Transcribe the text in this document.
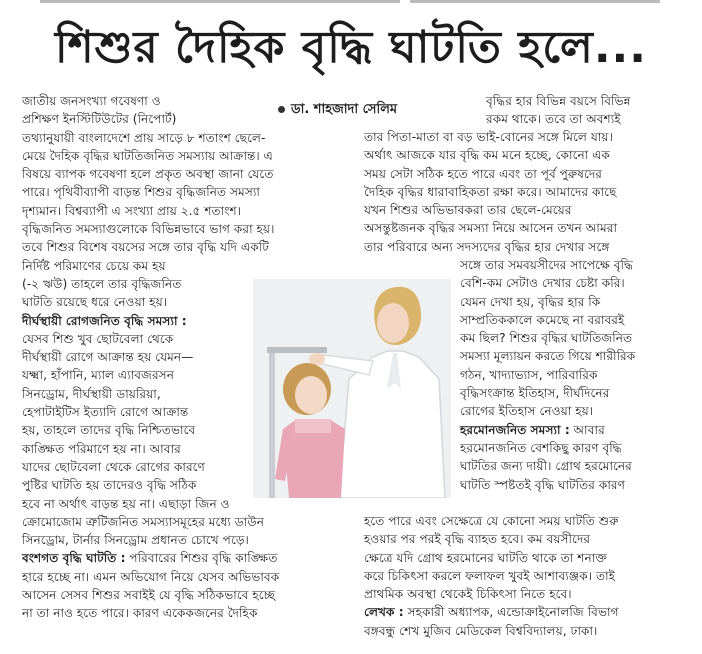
শিশুর দৈহিক বৃদ্ধি ঘাটতি হলে...

জাতীয় জনসংখ্যা গবেষণা ও

প্রশিক্ষণ ইনস্টিটিউটের (নিপোর্ট)

তথ্যানুযায়ী বাংলাদেশে প্রায় সাড়ে ৮ শতাংশ ছেলে-

মেয়ে দৈহিক বৃদ্ধির ঘাটতিজনিত সমস্যায় আক্রান্ত। এ

বিষয়ে ব্যাপক গবেষণা হলে প্রকৃত অবস্থা জানা যেতে

পারে। পৃথিবীব্যাপী বাড়ন্ত শিশুর বৃদ্ধিজনিত সমস্যা

দৃশ্যমান। বিশ্বব্যাপী এ সংখ্যা প্রায় ২.৫ শতাংশ।

বৃদ্ধিজনিত সমস্যাগুলোকে বিভিন্নভাবে ভাগ করা হয়।

তবে শিশুর বিশেষ বয়সের সঙ্গে তার বৃদ্ধি যদি একটি

নির্দিষ্ট পরিমাণের চেয়ে কম হয়

(-২ ঋউ) তাহলে তার বৃদ্ধিজনিত

ঘাটতি রয়েছে ধরে নেওয়া হয়।

দীর্ঘস্থায়ী রোগজনিত বৃদ্ধি সমস্যা :

যেসব শিশু খুব ছোটবেলা থেকে

দীর্ঘস্থায়ী রোগে আক্রান্ত হয় যেমন—

যক্ষ্মা, হাঁপানি, ম্যাল এ্যাবজরসন

সিনড্রোম, দীর্ঘস্থায়ী ডায়রিয়া,

হেপাটাইটিস ইত্যাদি রোগে আক্রান্ত

হয়, তাহলে তাদের বৃদ্ধি নিশ্চিতভাবে

কাঙ্ক্ষিত পরিমাণে হয় না। আবার

যাদের ছোটবেলা থেকে রোগের কারণে

পুষ্টির ঘাটতি হয় তাদেরও বৃদ্ধি সঠিক

হবে না অর্থাৎ বাড়ন্ত হয় না। এছাড়া জিন ও

ক্রোমোজোম ত্রুটিজনিত সমস্যাসমূহের মধ্যে ডাউন

সিনড্রোম, টার্নার সিনড্রোম প্রধানত চোখে পড়ে।

বংশগত বৃদ্ধি ঘাটতি : পরিবারের শিশুর বৃদ্ধি কাঙ্ক্ষিত

হারে হচ্ছে না। এমন অভিযোগ নিয়ে যেসব অভিভাবক

আসেন সেসব শিশুর সবাইই যে বৃদ্ধি সঠিকভাবে হচ্ছে

না তা নাও হতে পারে। কারণ একেকজনের দৈহিক

ডা. শাহজাদা সেলিম

বৃদ্ধির হার বিভিন্ন বয়সে বিভিন্ন

রকম থাকে। তবে তা অবশ্যই

তার পিতা-মাতা বা বড় ভাই-বোনের সঙ্গে মিলে যায়।

অর্থাৎ আজকে যার বৃদ্ধি কম মনে হচ্ছে, কোনো এক

সময় সেটা সঠিক হতে পারে এবং তা পূর্ব পুরুষদের

দৈহিক বৃদ্ধির ধারাবাহিকতা রক্ষা করে। আমাদের কাছে

যখন শিশুর অভিভাবকরা তার ছেলে-মেয়ের

অসন্তুষ্টজনক বৃদ্ধির সমস্যা নিয়ে আসেন তখন আমরা

তার পরিবারে অন্য সদস্যদের বৃদ্ধির হার দেখার সঙ্গে

সঙ্গে তার সমবয়সীদের সাপেক্ষে বৃদ্ধি

বেশি-কম সেটাও দেখার চেষ্টা করি।

যেমন দেখা হয়, বৃদ্ধির হার কি

সাম্প্রতিককালে কমেছে না বরাবরই

কম ছিল? শিশুর বৃদ্ধির ঘাটতিজনিত

সমস্যা মূল্যায়ন করতে গিয়ে শারীরিক

গঠন, খাদ্যাভ্যাস, পারিবারিক

বৃদ্ধিসংক্রান্ত ইতিহাস, দীর্ঘদিনের

রোগের ইতিহাস নেওয়া হয়।

হরমোনজনিত সমস্যা : আবার

হরমোনজনিত বেশকিছু কারণ বৃদ্ধি

ঘাটতির জন্য দায়ী। গ্রোথ হরমোনের

ঘাটতি স্পষ্টতই বৃদ্ধি ঘাটতির কারণ

হতে পারে এবং সেক্ষেত্রে যে কোনো সময় ঘাটতি শুরু

হওয়ার পর পরই বৃদ্ধি ব্যাহত হবে। কম বয়সীদের

ক্ষেত্রে যদি গ্রোথ হরমোনের ঘাটতি থাকে তা শনাক্ত

করে চিকিৎসা করলে ফলাফল খুবই আশাব্যঞ্জক। তাই

প্রাথমিক অবস্থা থেকেই চিকিৎসা নিতে হবে।

লেখক : সহকারী অধ্যাপক, এন্ডোক্রাইনোলজি বিভাগ

বঙ্গবন্ধু শেখ মুজিব মেডিকেল বিশ্ববিদ্যালয়, ঢাকা।
